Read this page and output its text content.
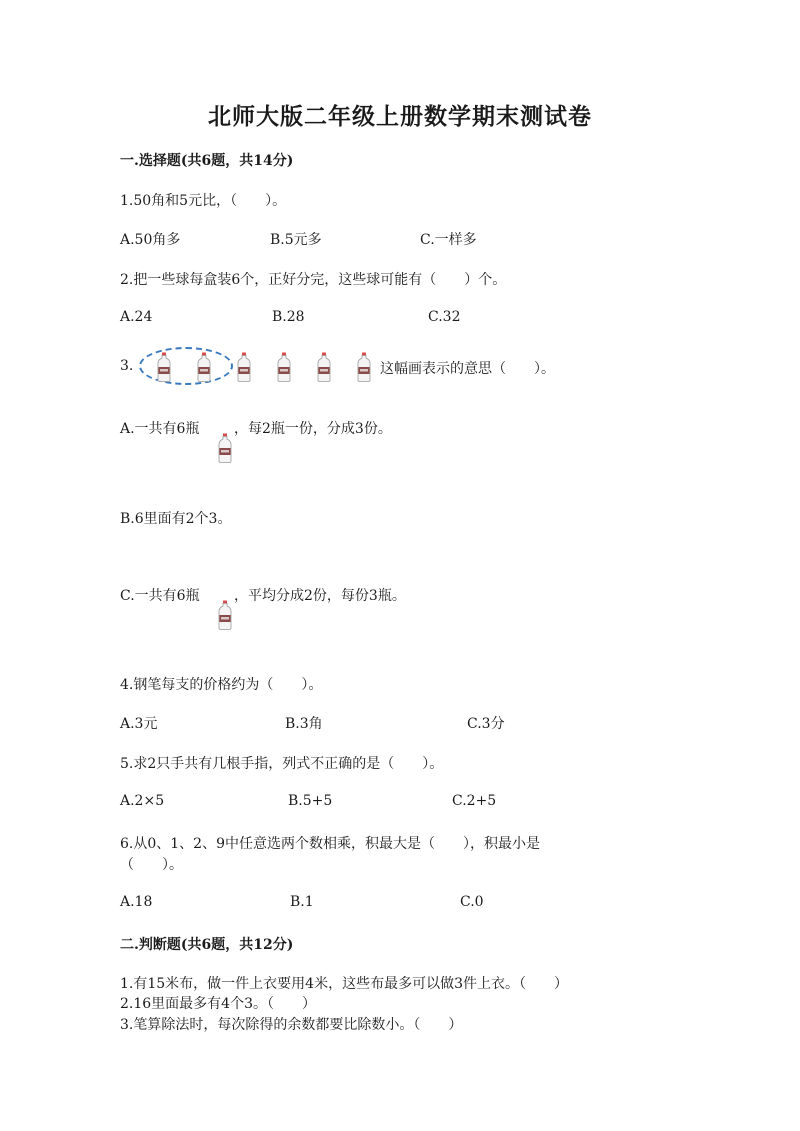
北师大版二年级上册数学期末测试卷
一.选择题(共6题，共14分)
1.50角和5元比，（　　）。
A.50角多	B.5元多	C.一样多
2.把一些球每盒装6个，正好分完，这些球可能有（　　）个。
A.24	B.28	C.32
3.	这幅画表示的意思（　　）。
A.一共有6瓶 ，每2瓶一份，分成3份。
B.6里面有2个3。
C.一共有6瓶 ，平均分成2份，每份3瓶。
4.钢笔每支的价格约为（　　）。
A.3元	B.3角	C.3分
5.求2只手共有几根手指，列式不正确的是（　　）。
A.2×5	B.5+5	C.2+5
6.从0、1、2、9中任意选两个数相乘，积最大是（　　），积最小是
（　　）。
A.18	B.1	C.0
二.判断题(共6题，共12分)
1.有15米布，做一件上衣要用4米，这些布最多可以做3件上衣。（　　）
2.16里面最多有4个3。（　　）
3.笔算除法时，每次除得的余数都要比除数小。（　　）
